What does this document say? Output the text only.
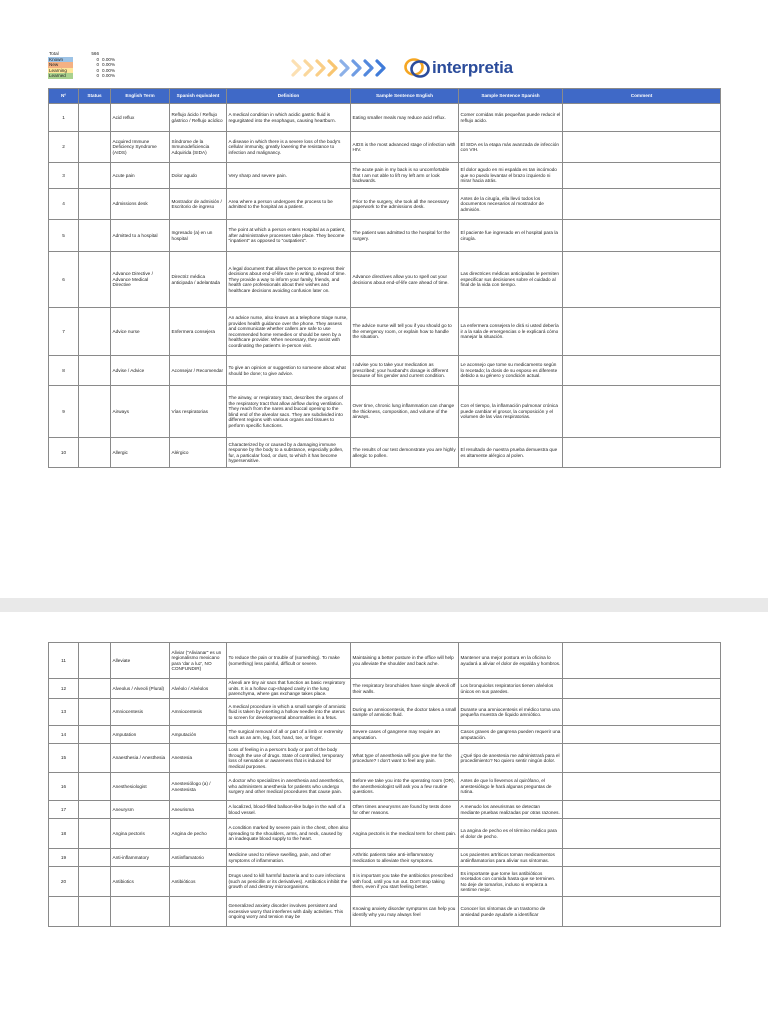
Total	566
Known	0 0.00%
New	0 0.00%
Learning	0 0.00%
Learned	0 0.00%	interpretia
Nº	Status	English Term	Spanish equivalent	Definition	Sample Sentence English	Sample Sentence Spanish	Comment
1		Acid reflux	Reflujo ácido / Reflujo gástrico / Reflujo acídico	A medical condition in which acidic gastric fluid is regurgitated into the esophagus, causing heartburn.	Eating smaller meals may reduce acid reflux.	Comer comidas más pequeñas puede reducir el reflujo acido.	
2		Acquired Immune Deficiency Syndrome (AIDS)	Síndrome de la Inmunodeficiencia Adquirida (SIDA)	A disease in which there is a severe loss of the body's cellular immunity, greatly lowering the resistance to infection and malignancy.	AIDS is the most advanced stage of infection with HIV.	El SIDA es la etapa más avanzada de infección con VIH.	
3		Acute pain	Dolor agudo	Very sharp and severe pain.	The acute pain in my back is so uncomfortable that I am not able to lift my left arm or look backwards.	El dolor agudo en mi espalda es tan incómodo que no puedo levantar el brazo izquierdo ni mirar hacia atrás.	
4		Admissions desk	Mostrador de admisión / Escritorio de ingreso	Area where a person undergoes the process to be admitted to the hospital as a patient.	Prior to the surgery, she took all the necessary paperwork to the admissions desk.	Antes de la cirugía, ella llevó todos los documentos necesarios al mostrador de admisión.	
5		Admitted to a hospital	Ingresado (a) en un hospital	The point at which a person enters Hospital as a patient, after administrative processes take place. They become "inpatient" as opposed to "outpatient".	The patient was admitted to the hospital for the surgery.	El paciente fue ingresado en el hospital para la cirugía.	
6		Advance Directive / Advance Medical Directive	Directriz médica anticipada / adelantada	A legal document that allows the person to express their decisions about end-of-life care in writing, ahead of time. They provide a way to inform your family, friends, and health care professionals about their wishes and healthcare decisions avoiding confusion later on.	Advance directives allow you to spell out your decisions about end-of-life care ahead of time.	Las directrices médicas anticipadas le permiten especificar sus decisiones sobre el cuidado al final de la vida con tiempo.	
7		Advice nurse	Enfermera consejera	An advice nurse, also known as a telephone triage nurse, provides health guidance over the phone. They assess and communicate whether callers are safe to use recommended home remedies or should be seen by a healthcare provider. When necessary, they assist with coordinating the patient's in-person visit.	The advice nurse will tell you if you should go to the emergency room, or explain how to handle the situation.	La enfermera consejera le dirá si usted debería ir a la sala de emergencias o le explicará cómo manejar la situación.	
8		Advise / Advice	Aconsejar / Recomendar	To give an opinion or suggestion to someone about what should be done; to give advice.	I advise you to take your medication as prescribed; your husband's dosage is different because of his gender and current condition.	Le aconsejo que tome su medicamento según lo recetado; la dosis de su esposo es diferente debido a su género y condición actual.	
9		Airways	Vías respiratorias	The airway, or respiratory tract, describes the organs of the respiratory tract that allow airflow during ventilation. They reach from the nares and buccal opening to the blind end of the alveolar sacs. They are subdivided into different regions with various organs and tissues to perform specific functions.	Over time, chronic lung inflammation can change the thickness, composition, and volume of the airways.	Con el tiempo, la inflamación pulmonar crónica puede cambiar el grosor, la composición y el volumen de las vías respiratorias.	
10		Allergic	Alérgico	Characterized by or caused by a damaging immune response by the body to a substance, especially pollen, fur, a particular food, or dust, to which it has become hypersensitive.	The results of our test demonstrate you are highly allergic to pollen.	El resultado de nuestra prueba demuestra que es altamente alérgico al polen.	
11		Alleviate	Aliviar ("Alivianar" es un regionalismo mexicano para 'dar a luz', NO CONFUNDIR)	To reduce the pain or trouble of (something). To make (something) less painful, difficult or severe.	Maintaining a better posture in the office will help you alleviate the shoulder and back ache.	Mantener una mejor postura en la oficina lo ayudará a aliviar el dolor de espalda y hombros.	
12		Alveolus / Alveoli (Plural)	Alvéolo / Alvéolos	Alveoli are tiny air sacs that function as basic respiratory units. It is a hollow cup-shaped cavity in the lung parenchyma, where gas exchange takes place.	The respiratory bronchioles have single alveoli off their walls.	Los bronquiolos respiratorios tienen alvéolos únicos en sus paredes.	
13		Amniocentesis	Amniocentesis	A medical procedure in which a small sample of amniotic fluid is taken by inserting a hollow needle into the uterus to screen for developmental abnormalities in a fetus.	During an amniocentesis, the doctor takes a small sample of amniotic fluid.	Durante una amniocentesis el médico toma una pequeña muestra de líquido amniótico.	
14		Amputation	Amputación	The surgical removal of all or part of a limb or extremity such as an arm, leg, foot, hand, toe, or finger.	Severe cases of gangrene may require an amputation.	Casos graves de gangrena pueden requerir una amputación.	
15		Anaesthesia / Anesthesia	Anestesia	Loss of feeling in a person's body or part of the body through the use of drugs. State of controlled, temporary loss of sensation or awareness that is induced for medical purposes.	What type of anesthesia will you give me for the procedure? I don't want to feel any pain.	¿Qué tipo de anestesia me administrará para el procedimiento? No quiero sentir ningún dolor.	
16		Anesthesiologist	Anestesiólogo (a) / Anestesista	A doctor who specializes in anesthesia and anesthetics, who administers anesthesia for patients who undergo surgery and other medical procedures that cause pain.	Before we take you into the operating room (OR), the anesthesiologist will ask you a few routine questions.	Antes de que lo llevemos al quirófano, el anestesiólogo le hará algunas preguntas de rutina.	
17		Aneurysm	Aneurisma	A localized, blood-filled balloon-like bulge in the wall of a blood vessel.	Often times aneurysms are found by tests done for other reasons.	A menudo los aneurismas se detectan mediante pruebas realizadas por otras razones.	
18		Angina pectoris	Angina de pecho	A condition marked by severe pain in the chest, often also spreading to the shoulders, arms, and neck, caused by an inadequate blood supply to the heart.	Angina pectoris is the medical term for chest pain.	La angina de pecho es el término médico para el dolor de pecho.	
19		Anti-inflammatory	Antiinflamatorio	Medicine used to relieve swelling, pain, and other symptoms of inflammation.	Arthritic patients take anti-inflammatory medication to alleviate their symptoms.	Los pacientes artríticos toman medicamentos antiinflamatorios para aliviar sus síntomas.	
20		Antibiotics	Antibióticos	Drugs used to kill harmful bacteria and to cure infections (such as penicillin or its derivatives). Antibiotics inhibit the growth of and destroy microorganisms.	It is important you take the antibiotics prescribed with food, until you run out. Don't stop taking them, even if you start feeling better.	Es importante que tome los antibióticos recetados con comida hasta que se terminen. No deje de tomarlos, incluso si empieza a sentirse mejor.	
				Generalized anxiety disorder involves persistent and excessive worry that interferes with daily activities. This ongoing worry and tension may be	Knowing anxiety disorder symptoms can help you identify why you may always feel	Conocer los síntomas de un trastorno de ansiedad puede ayudarle a identificar	
